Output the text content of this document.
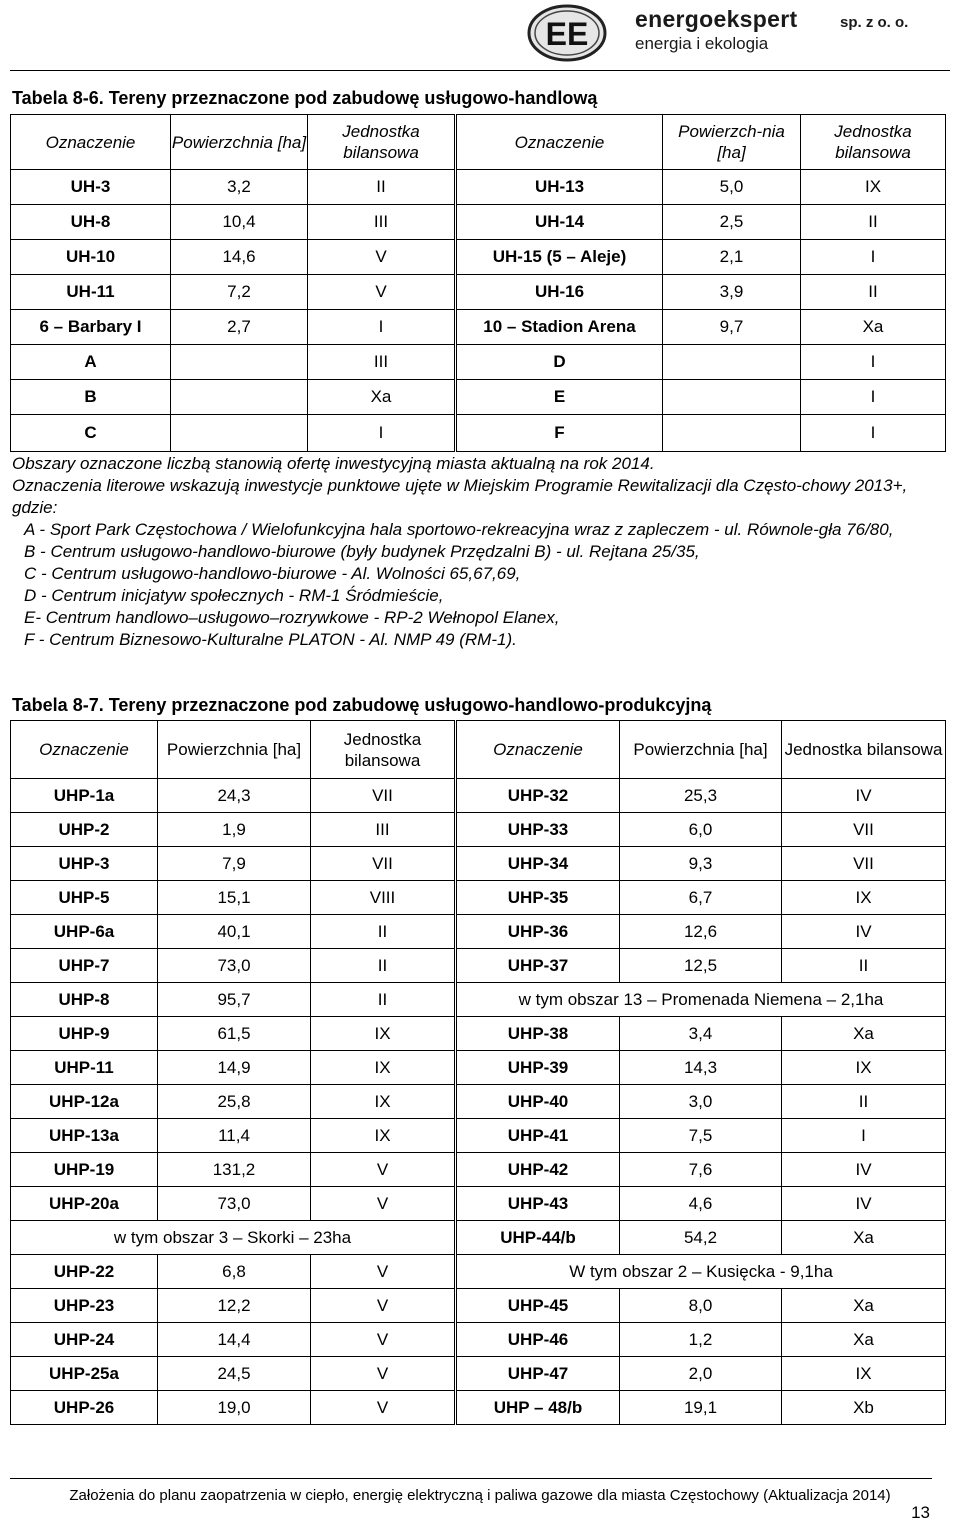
EE energoekspert
energia i ekologia
sp. z o. o.
Tabela 8-6. Tereny przeznaczone pod zabudowę usługowo-handlową
Oznaczenie	Powierzchnia [ha]	Jednostka bilansowa	Oznaczenie	Powierzch-nia [ha]	Jednostka bilansowa
UH-3	3,2	II	UH-13	5,0	IX
UH-8	10,4	III	UH-14	2,5	II
UH-10	14,6	V	UH-15 (5 – Aleje)	2,1	I
UH-11	7,2	V	UH-16	3,9	II
6 – Barbary I	2,7	I	10 – Stadion Arena	9,7	Xa
A		III	D		I
B		Xa	E		I
C		I	F		I

Obszary oznaczone liczbą stanowią ofertę inwestycyjną miasta aktualną na rok 2014.

Oznaczenia literowe wskazują inwestycje punktowe ujęte w Miejskim Programie Rewitalizacji dla Często-chowy 2013+, gdzie:

A - Sport Park Częstochowa / Wielofunkcyjna hala sportowo-rekreacyjna wraz z zapleczem - ul. Równole-gła 76/80,

B - Centrum usługowo-handlowo-biurowe (były budynek Przędzalni B) - ul. Rejtana 25/35,

C - Centrum usługowo-handlowo-biurowe - Al. Wolności 65,67,69,

D - Centrum inicjatyw społecznych - RM-1 Śródmieście,

E- Centrum handlowo–usługowo–rozrywkowe - RP-2 Wełnopol Elanex,

F - Centrum Biznesowo-Kulturalne PLATON - Al. NMP 49 (RM-1).

Tabela 8-7. Tereny przeznaczone pod zabudowę usługowo-handlowo-produkcyjną
Oznaczenie	Powierzchnia [ha]	Jednostka bilansowa	Oznaczenie	Powierzchnia [ha]	Jednostka bilansowa
UHP-1a	24,3	VII	UHP-32	25,3	IV
UHP-2	1,9	III	UHP-33	6,0	VII
UHP-3	7,9	VII	UHP-34	9,3	VII
UHP-5	15,1	VIII	UHP-35	6,7	IX
UHP-6a	40,1	II	UHP-36	12,6	IV
UHP-7	73,0	II	UHP-37	12,5	II
UHP-8	95,7	II	w tym obszar 13 – Promenada Niemena – 2,1ha		
UHP-9	61,5	IX	UHP-38	3,4	Xa
UHP-11	14,9	IX	UHP-39	14,3	IX
UHP-12a	25,8	IX	UHP-40	3,0	II
UHP-13a	11,4	IX	UHP-41	7,5	I
UHP-19	131,2	V	UHP-42	7,6	IV
UHP-20a	73,0	V	UHP-43	4,6	IV
w tym obszar 3 – Skorki – 23ha			UHP-44/b	54,2	Xa
UHP-22	6,8	V	W tym obszar 2 – Kusięcka - 9,1ha		
UHP-23	12,2	V	UHP-45	8,0	Xa
UHP-24	14,4	V	UHP-46	1,2	Xa
UHP-25a	24,5	V	UHP-47	2,0	IX
UHP-26	19,0	V	UHP – 48/b	19,1	Xb
Założenia do planu zaopatrzenia w ciepło, energię elektryczną i paliwa gazowe dla miasta Częstochowy (Aktualizacja 2014)
13
